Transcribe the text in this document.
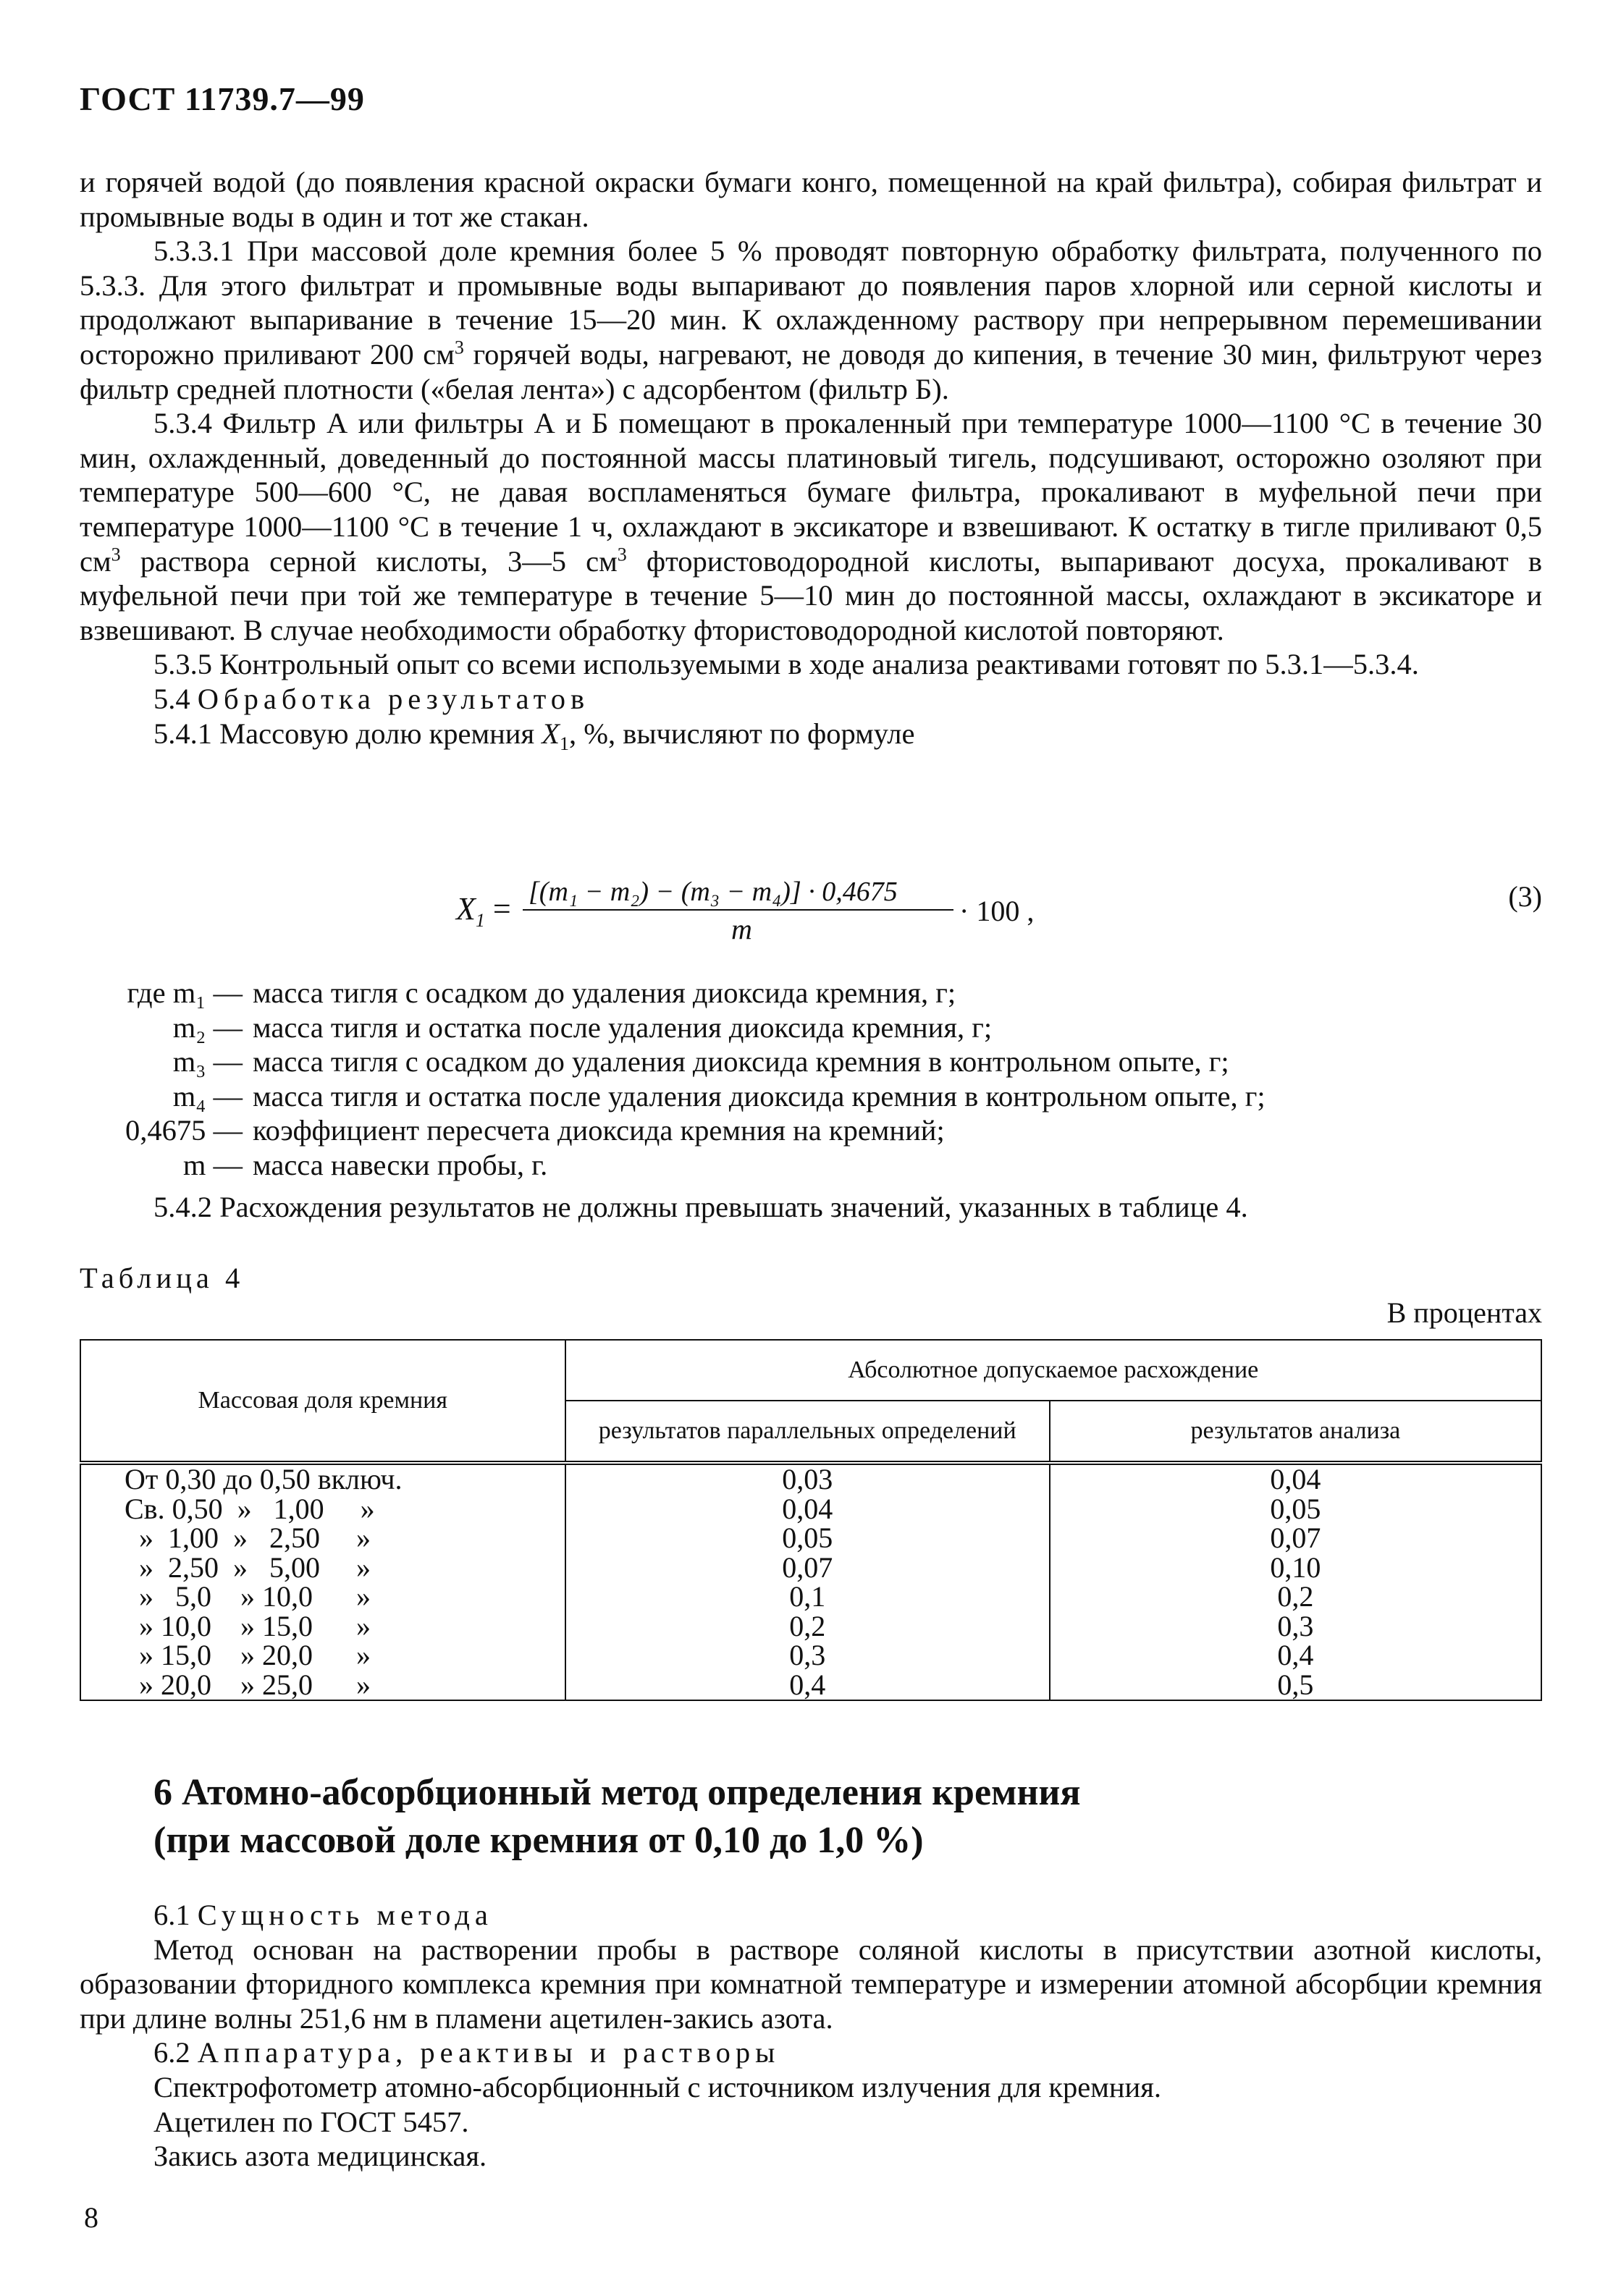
ГОСТ 11739.7—99

и горячей водой (до появления красной окраски бумаги конго, помещенной на край фильтра), собирая фильтрат и промывные воды в один и тот же стакан.

5.3.3.1 При массовой доле кремния более 5 % проводят повторную обработку фильтрата, полученного по 5.3.3. Для этого фильтрат и промывные воды выпаривают до появления паров хлорной или серной кислоты и продолжают выпаривание в течение 15—20 мин. К охлажденному раствору при непрерывном перемешивании осторожно приливают 200 $см^3$ горячей воды, нагревают, не доводя до кипения, в течение 30 мин, фильтруют через фильтр средней плотности («белая лента») с адсорбентом (фильтр Б).

5.3.4 Фильтр А или фильтры А и Б помещают в прокаленный при температуре 1000—1100 °С в течение 30 мин, охлажденный, доведенный до постоянной массы платиновый тигель, подсушивают, осторожно озоляют при температуре 500—600 °С, не давая воспламеняться бумаге фильтра, прокаливают в муфельной печи при температуре 1000—1100 °С в течение 1 ч, охлаждают в эксикаторе и взвешивают. К остатку в тигле приливают 0,5 $см^3$ раствора серной кислоты, 3—5 $см^3$ фтористоводородной кислоты, выпаривают досуха, прокаливают в муфельной печи при той же температуре в течение 5—10 мин до постоянной массы, охлаждают в эксикаторе и взвешивают. В случае необходимости обработку фтористоводородной кислотой повторяют.

5.3.5 Контрольный опыт со всеми используемыми в ходе анализа реактивами готовят по 5.3.1—5.3.4.

5.4 Обработка результатов

5.4.1 Массовую долю кремния $X_1$, %, вычисляют по формуле

$X_1 = [(m_1 - m_2) - (m_3 - m_4)] \cdot 0,4675$
m
· 100 ,	(3)
где m₁ — масса тигля с осадком до удаления диоксида кремния, г;
m₂ — масса тигля и остатка после удаления диоксида кремния, г;
m₃ — масса тигля с осадком до удаления диоксида кремния в контрольном опыте, г;
m₄ — масса тигля и остатка после удаления диоксида кремния в контрольном опыте, г;
0,4675 — коэффициент пересчета диоксида кремния на кремний;
m — масса навески пробы, г.
5.4.2 Расхождения результатов не должны превышать значений, указанных в таблице 4.
Таблица 4
В процентах
Массовая доля кремния	Абсолютное допускаемое расхождение	
	результатов параллельных определений	результатов анализа
От 0,30 до 0,50 включ.	0,03	0,04
Св. 0,50  »   1,00     »	0,04	0,05
»  1,00  »   2,50     »	0,05	0,07
»  2,50  »   5,00     »	0,07	0,10
»   5,0    » 10,0      »	0,1	0,2
» 10,0    » 15,0      »	0,2	0,3
» 15,0    » 20,0      »	0,3	0,4
» 20,0    » 25,0      »	0,4	0,5
6 Атомно-абсорбционный метод определения кремния
(при массовой доле кремния от 0,10 до 1,0 %)

6.1 Сущность метода

Метод основан на растворении пробы в растворе соляной кислоты в присутствии азотной кислоты, образовании фторидного комплекса кремния при комнатной температуре и измерении атомной абсорбции кремния при длине волны 251,6 нм в пламени ацетилен-закись азота.

6.2 Аппаратура, реактивы и растворы

Спектрофотометр атомно-абсорбционный с источником излучения для кремния.

Ацетилен по ГОСТ 5457.

Закись азота медицинская.

8
